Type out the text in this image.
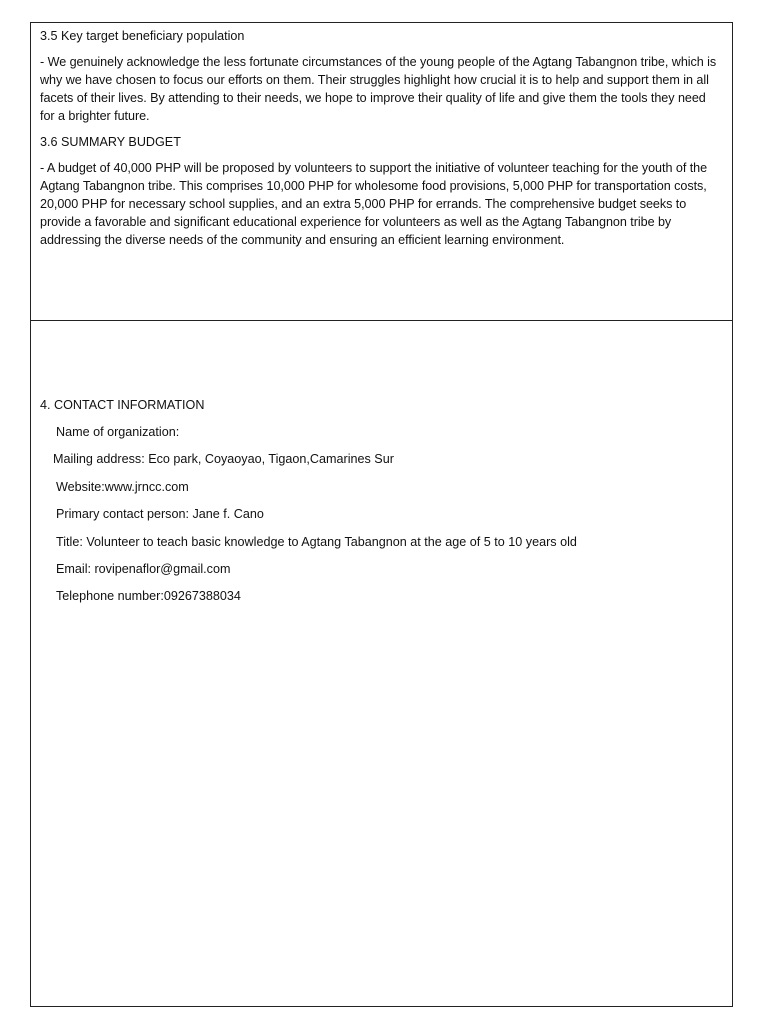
3.5 Key target beneficiary population

- We genuinely acknowledge the less fortunate circumstances of the young people of the Agtang Tabangnon tribe, which is why we have chosen to focus our efforts on them. Their struggles highlight how crucial it is to help and support them in all facets of their lives. By attending to their needs, we hope to improve their quality of life and give them the tools they need for a brighter future.

3.6 SUMMARY BUDGET

- A budget of 40,000 PHP will be proposed by volunteers to support the initiative of volunteer teaching for the youth of the Agtang Tabangnon tribe. This comprises 10,000 PHP for wholesome food provisions, 5,000 PHP for transportation costs, 20,000 PHP for necessary school supplies, and an extra 5,000 PHP for errands. The comprehensive budget seeks to provide a favorable and significant educational experience for volunteers as well as the Agtang Tabangnon tribe by addressing the diverse needs of the community and ensuring an efficient learning environment.

4. CONTACT INFORMATION

Name of organization:

Mailing address: Eco park, Coyaoyao, Tigaon,Camarines Sur

Website:www.jrncc.com

Primary contact person: Jane f. Cano

Title: Volunteer to teach basic knowledge to Agtang Tabangnon at the age of 5 to 10 years old

Email: rovipenaflor@gmail.com

Telephone number:09267388034
